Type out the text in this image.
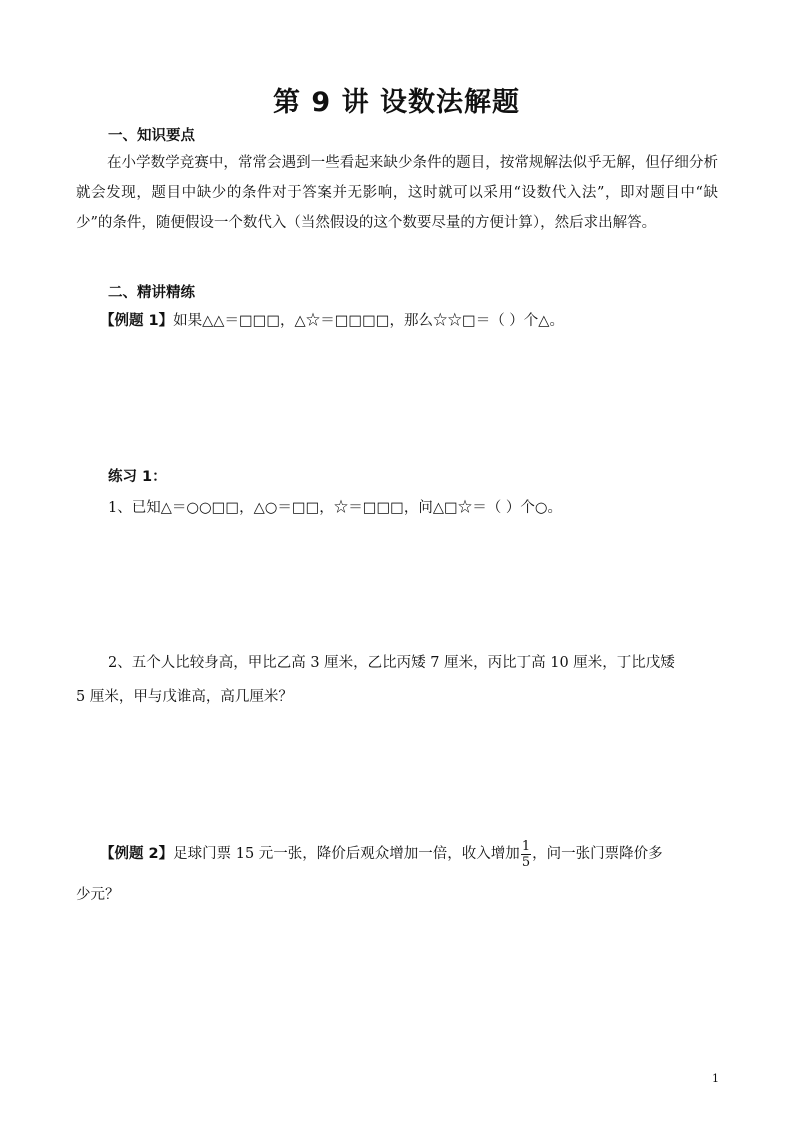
第 9 讲 设数法解题
一、知识要点
在小学数学竞赛中，常常会遇到一些看起来缺少条件的题目，按常规解法似乎无解，但仔细分析就会发现，题目中缺少的条件对于答案并无影响，这时就可以采用“设数代入法”，即对题目中“缺少”的条件，随便假设一个数代入（当然假设的这个数要尽量的方便计算），然后求出解答。
二、精讲精练
【例题 1】如果△△＝□□□，△☆＝□□□□，那么☆☆□＝（ ）个△。
练习 1：
1、已知△＝○○□□，△○＝□□，☆＝□□□，问△□☆＝（ ）个○。
2、五个人比较身高，甲比乙高 3 厘米，乙比丙矮 7 厘米，丙比丁高 10 厘米，丁比戊矮
5 厘米，甲与戊谁高，高几厘米？
【例题 2】足球门票 15 元一张，降价后观众增加一倍，收入增加 $\frac{1}{5}$ ，问一张门票降价多
少元？
1
